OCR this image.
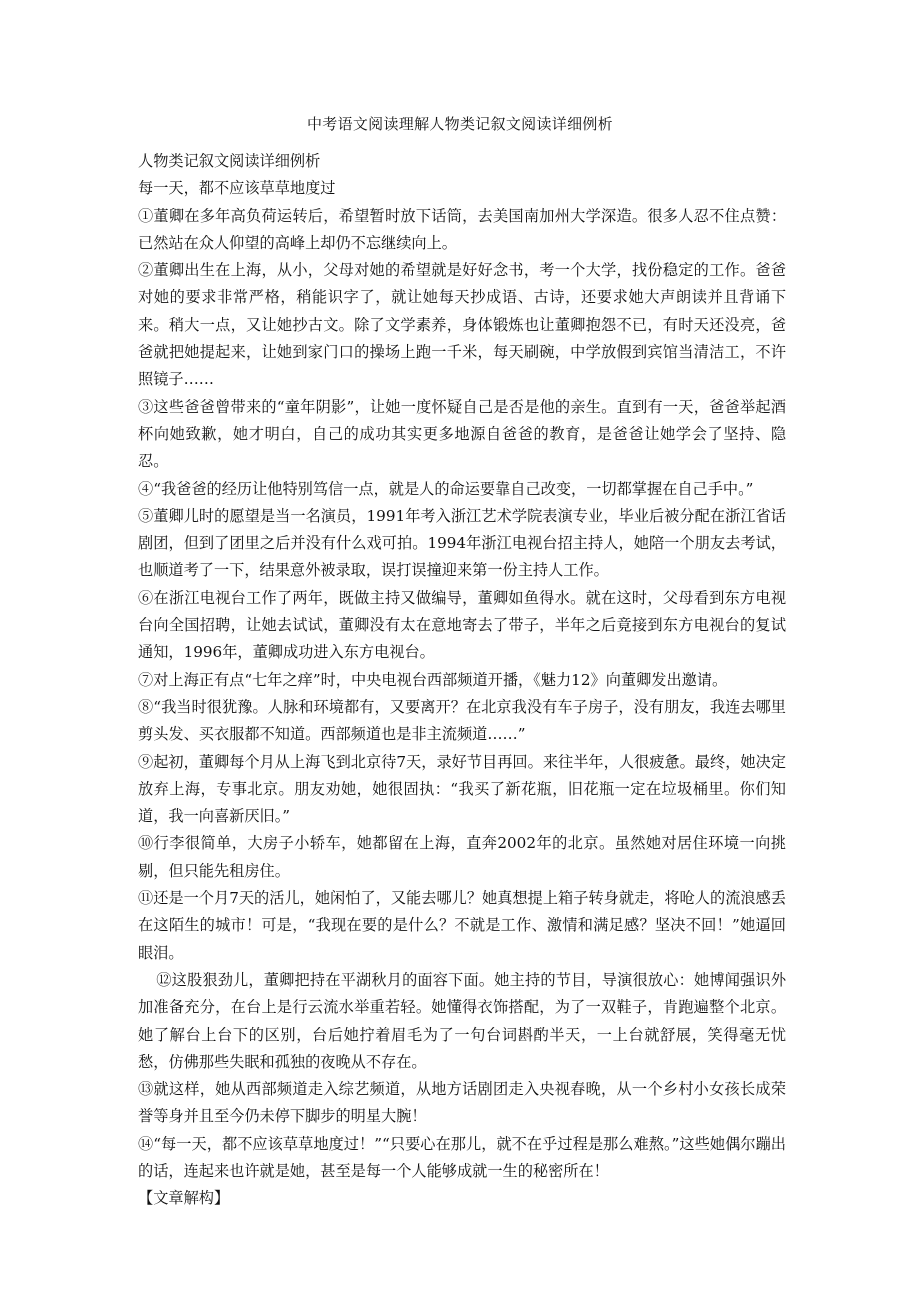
中考语文阅读理解人物类记叙文阅读详细例析

人物类记叙文阅读详细例析

每一天，都不应该草草地度过

①董卿在多年高负荷运转后，希望暂时放下话筒，去美国南加州大学深造。很多人忍不住点赞：已然站在众人仰望的高峰上却仍不忘继续向上。

②董卿出生在上海，从小，父母对她的希望就是好好念书，考一个大学，找份稳定的工作。爸爸对她的要求非常严格，稍能识字了，就让她每天抄成语、古诗，还要求她大声朗读并且背诵下来。稍大一点，又让她抄古文。除了文学素养，身体锻炼也让董卿抱怨不已，有时天还没亮，爸爸就把她提起来，让她到家门口的操场上跑一千米，每天刷碗，中学放假到宾馆当清洁工，不许照镜子……

③这些爸爸曾带来的“童年阴影”，让她一度怀疑自己是否是他的亲生。直到有一天，爸爸举起酒杯向她致歉，她才明白，自己的成功其实更多地源自爸爸的教育，是爸爸让她学会了坚持、隐忍。

④“我爸爸的经历让他特别笃信一点，就是人的命运要靠自己改变，一切都掌握在自己手中。”

⑤董卿儿时的愿望是当一名演员，1991年考入浙江艺术学院表演专业，毕业后被分配在浙江省话剧团，但到了团里之后并没有什么戏可拍。1994年浙江电视台招主持人，她陪一个朋友去考试，也顺道考了一下，结果意外被录取，误打误撞迎来第一份主持人工作。

⑥在浙江电视台工作了两年，既做主持又做编导，董卿如鱼得水。就在这时，父母看到东方电视台向全国招聘，让她去试试，董卿没有太在意地寄去了带子，半年之后竟接到东方电视台的复试通知，1996年，董卿成功进入东方电视台。

⑦对上海正有点“七年之痒”时，中央电视台西部频道开播，《魅力12》向董卿发出邀请。

⑧“我当时很犹豫。人脉和环境都有，又要离开？在北京我没有车子房子，没有朋友，我连去哪里剪头发、买衣服都不知道。西部频道也是非主流频道……”

⑨起初，董卿每个月从上海飞到北京待7天，录好节目再回。来往半年，人很疲惫。最终，她决定放弃上海，专事北京。朋友劝她，她很固执：“我买了新花瓶，旧花瓶一定在垃圾桶里。你们知道，我一向喜新厌旧。”

⑩行李很简单，大房子小轿车，她都留在上海，直奔2002年的北京。虽然她对居住环境一向挑剔，但只能先租房住。

⑪还是一个月7天的活儿，她闲怕了，又能去哪儿？她真想提上箱子转身就走，将呛人的流浪感丢在这陌生的城市！可是，“我现在要的是什么？不就是工作、激情和满足感？坚决不回！”她逼回眼泪。

⑫这股狠劲儿，董卿把持在平湖秋月的面容下面。她主持的节目，导演很放心：她博闻强识外加准备充分，在台上是行云流水举重若轻。她懂得衣饰搭配，为了一双鞋子，肯跑遍整个北京。她了解台上台下的区别，台后她拧着眉毛为了一句台词斟酌半天，一上台就舒展，笑得毫无忧愁，仿佛那些失眠和孤独的夜晚从不存在。

⑬就这样，她从西部频道走入综艺频道，从地方话剧团走入央视春晚，从一个乡村小女孩长成荣誉等身并且至今仍未停下脚步的明星大腕！

⑭“每一天，都不应该草草地度过！”“只要心在那儿，就不在乎过程是那么难熬。”这些她偶尔蹦出的话，连起来也许就是她，甚至是每一个人能够成就一生的秘密所在！

【文章解构】
